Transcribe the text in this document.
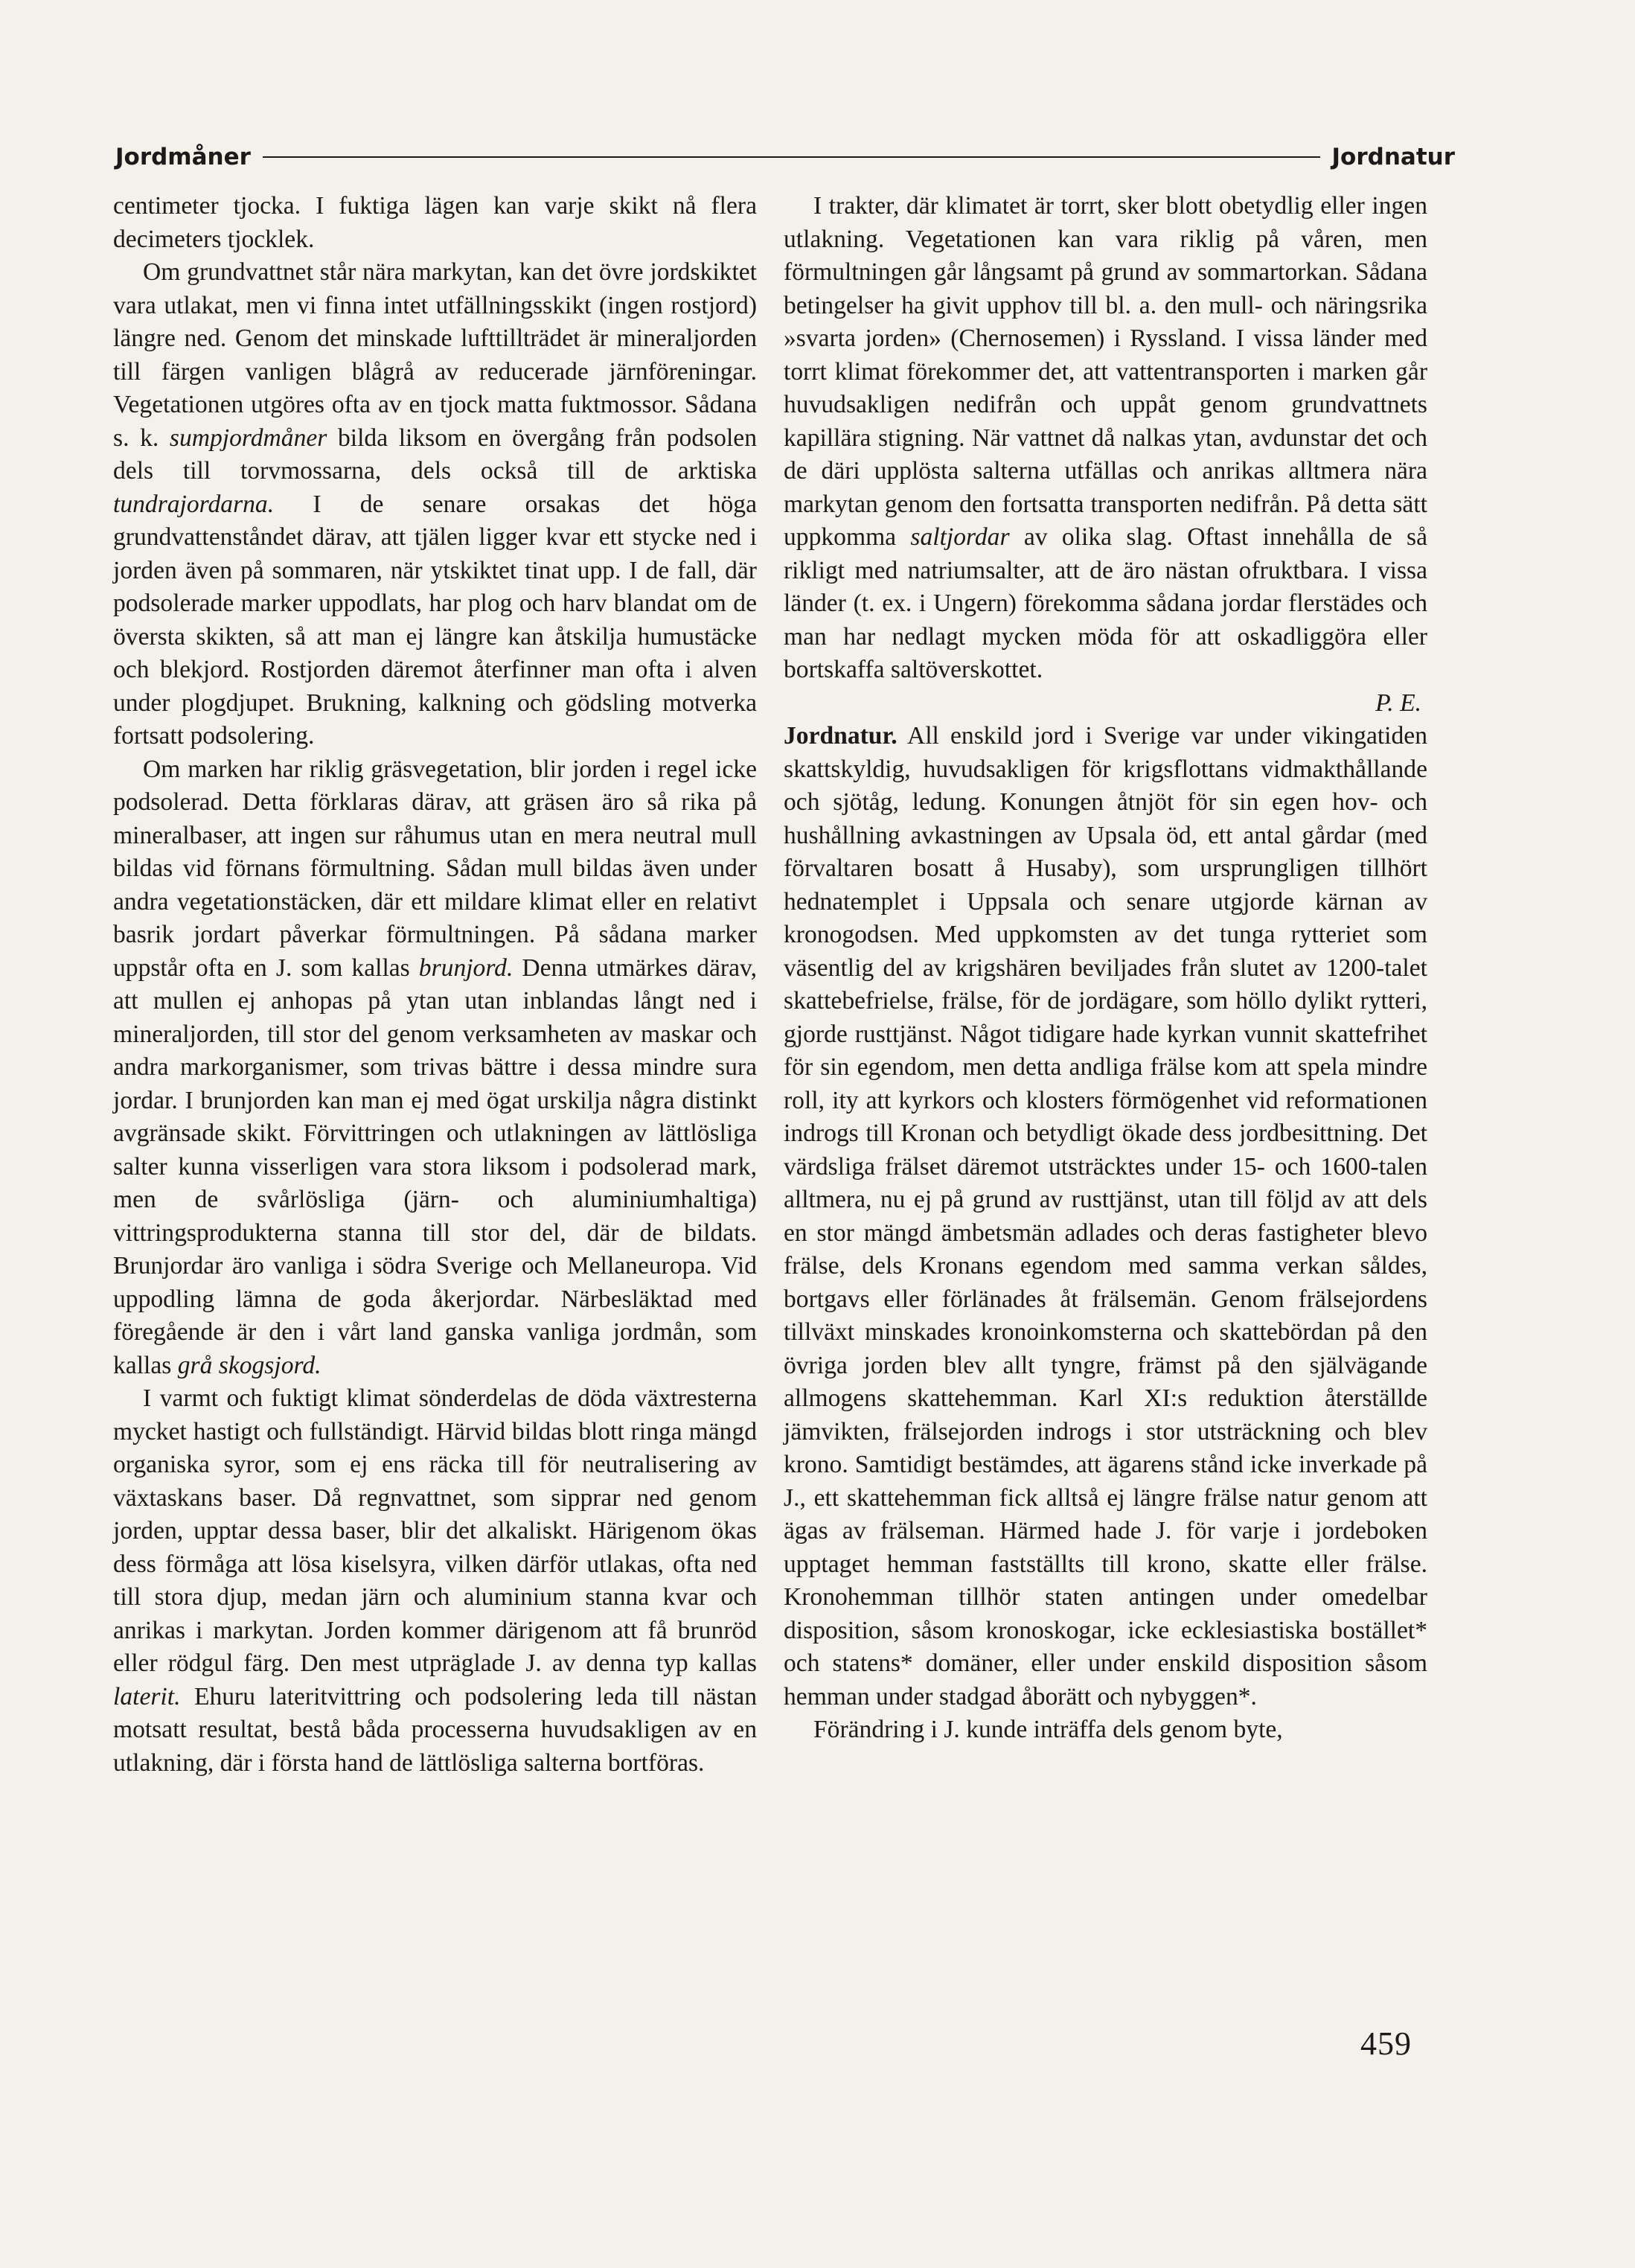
Jordmåner	Jordnatur

centimeter tjocka. I fuktiga lägen kan varje skikt nå flera decimeters tjocklek.

Om grundvattnet står nära markytan, kan det övre jordskiktet vara utlakat, men vi finna intet utfällningsskikt (ingen rostjord) längre ned. Genom det minskade lufttillträdet är mineraljorden till färgen vanligen blågrå av reducerade järnföreningar. Vegetationen utgöres ofta av en tjock matta fuktmossor. Sådana s. k. sumpjordmåner bilda liksom en övergång från podsolen dels till torvmossarna, dels också till de arktiska tundrajordarna. I de senare orsakas det höga grundvattenståndet därav, att tjälen ligger kvar ett stycke ned i jorden även på sommaren, när ytskiktet tinat upp. I de fall, där podsolerade marker uppodlats, har plog och harv blandat om de översta skikten, så att man ej längre kan åtskilja humustäcke och blekjord. Rostjorden däremot återfinner man ofta i alven under plogdjupet. Brukning, kalkning och gödsling motverka fortsatt podsolering.

Om marken har riklig gräsvegetation, blir jorden i regel icke podsolerad. Detta förklaras därav, att gräsen äro så rika på mineralbaser, att ingen sur råhumus utan en mera neutral mull bildas vid förnans förmultning. Sådan mull bildas även under andra vegetationstäcken, där ett mildare klimat eller en relativt basrik jordart påverkar förmultningen. På sådana marker uppstår ofta en J. som kallas brunjord. Denna utmärkes därav, att mullen ej anhopas på ytan utan inblandas långt ned i mineraljorden, till stor del genom verksamheten av maskar och andra markorganismer, som trivas bättre i dessa mindre sura jordar. I brunjorden kan man ej med ögat urskilja några distinkt avgränsade skikt. Förvittringen och utlakningen av lättlösliga salter kunna visserligen vara stora liksom i podsolerad mark, men de svårlösliga (järn- och aluminiumhaltiga) vittringsprodukterna stanna till stor del, där de bildats. Brunjordar äro vanliga i södra Sverige och Mellaneuropa. Vid uppodling lämna de goda åkerjordar. Närbesläktad med föregående är den i vårt land ganska vanliga jordmån, som kallas grå skogsjord.

I varmt och fuktigt klimat sönderdelas de döda växtresterna mycket hastigt och fullständigt. Härvid bildas blott ringa mängd organiska syror, som ej ens räcka till för neutralisering av växtaskans baser. Då regnvattnet, som sipprar ned genom jorden, upptar dessa baser, blir det alkaliskt. Härigenom ökas dess förmåga att lösa kiselsyra, vilken därför utlakas, ofta ned till stora djup, medan järn och aluminium stanna kvar och anrikas i markytan. Jorden kommer därigenom att få brunröd eller rödgul färg. Den mest utpräglade J. av denna typ kallas laterit. Ehuru lateritvittring och podsolering leda till nästan motsatt resultat, bestå båda processerna huvudsakligen av en utlakning, där i första hand de lättlösliga salterna bortföras.

I trakter, där klimatet är torrt, sker blott obetydlig eller ingen utlakning. Vegetationen kan vara riklig på våren, men förmultningen går långsamt på grund av sommartorkan. Sådana betingelser ha givit upphov till bl. a. den mull- och näringsrika »svarta jorden» (Chernosemen) i Ryssland. I vissa länder med torrt klimat förekommer det, att vattentransporten i marken går huvudsakligen nedifrån och uppåt genom grundvattnets kapillära stigning. När vattnet då nalkas ytan, avdunstar det och de däri upplösta salterna utfällas och anrikas alltmera nära markytan genom den fortsatta transporten nedifrån. På detta sätt uppkomma saltjordar av olika slag. Oftast innehålla de så rikligt med natriumsalter, att de äro nästan ofruktbara. I vissa länder (t. ex. i Ungern) förekomma sådana jordar flerstädes och man har nedlagt mycken möda för att oskadliggöra eller bortskaffa saltöverskottet.

P. E.

Jordnatur. All enskild jord i Sverige var under vikingatiden skattskyldig, huvudsakligen för krigsflottans vidmakthållande och sjötåg, ledung. Konungen åtnjöt för sin egen hov- och hushållning avkastningen av Upsala öd, ett antal gårdar (med förvaltaren bosatt å Husaby), som ursprungligen tillhört hednatemplet i Uppsala och senare utgjorde kärnan av kronogodsen. Med uppkomsten av det tunga rytteriet som väsentlig del av krigshären beviljades från slutet av 1200-talet skattebefrielse, frälse, för de jordägare, som höllo dylikt rytteri, gjorde rusttjänst. Något tidigare hade kyrkan vunnit skattefrihet för sin egendom, men detta andliga frälse kom att spela mindre roll, ity att kyrkors och klosters förmögenhet vid reformationen indrogs till Kronan och betydligt ökade dess jordbesittning. Det värdsliga frälset däremot utsträcktes under 15- och 1600-talen alltmera, nu ej på grund av rusttjänst, utan till följd av att dels en stor mängd ämbetsmän adlades och deras fastigheter blevo frälse, dels Kronans egendom med samma verkan såldes, bortgavs eller förlänades åt frälsemän. Genom frälsejordens tillväxt minskades kronoinkomsterna och skattebördan på den övriga jorden blev allt tyngre, främst på den självägande allmogens skattehemman. Karl XI:s reduktion återställde jämvikten, frälsejorden indrogs i stor utsträckning och blev krono. Samtidigt bestämdes, att ägarens stånd icke inverkade på J., ett skattehemman fick alltså ej längre frälse natur genom att ägas av frälseman. Härmed hade J. för varje i jordeboken upptaget hemman fastställts till krono, skatte eller frälse. Kronohemman tillhör staten antingen under omedelbar disposition, såsom kronoskogar, icke ecklesiastiska bostället* och statens* domäner, eller under enskild disposition såsom hemman under stadgad åborätt och nybyggen*.

Förändring i J. kunde inträffa dels genom byte,

459
